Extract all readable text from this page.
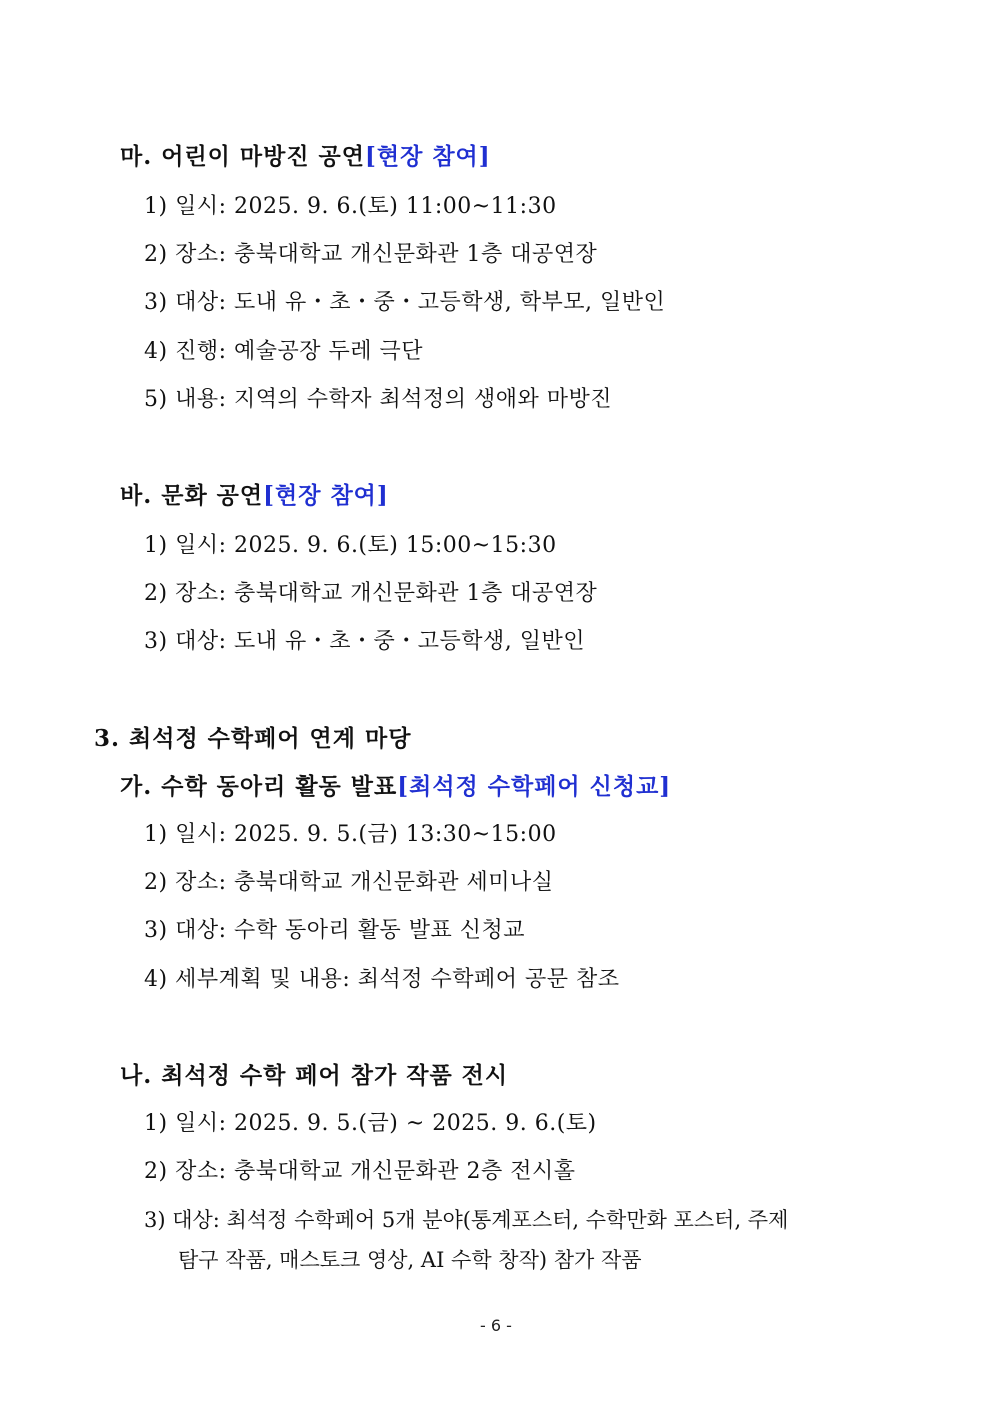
마. 어린이 마방진 공연[현장 참여]
1) 일시: 2025. 9. 6.(토) 11:00~11:30
2) 장소: 충북대학교 개신문화관 1층 대공연장
3) 대상: 도내 유・초・중・고등학생, 학부모, 일반인
4) 진행: 예술공장 두레 극단
5) 내용: 지역의 수학자 최석정의 생애와 마방진
바. 문화 공연[현장 참여]
1) 일시: 2025. 9. 6.(토) 15:00~15:30
2) 장소: 충북대학교 개신문화관 1층 대공연장
3) 대상: 도내 유・초・중・고등학생, 일반인
3. 최석정 수학페어 연계 마당
가. 수학 동아리 활동 발표[최석정 수학페어 신청교]
1) 일시: 2025. 9. 5.(금) 13:30~15:00
2) 장소: 충북대학교 개신문화관 세미나실
3) 대상: 수학 동아리 활동 발표 신청교
4) 세부계획 및 내용: 최석정 수학페어 공문 참조
나. 최석정 수학 페어 참가 작품 전시
1) 일시: 2025. 9. 5.(금) ~ 2025. 9. 6.(토)
2) 장소: 충북대학교 개신문화관 2층 전시홀
3) 대상: 최석정 수학페어 5개 분야(통계포스터, 수학만화 포스터, 주제
탐구 작품, 매스토크 영상, AI 수학 창작) 참가 작품
- 6 -
